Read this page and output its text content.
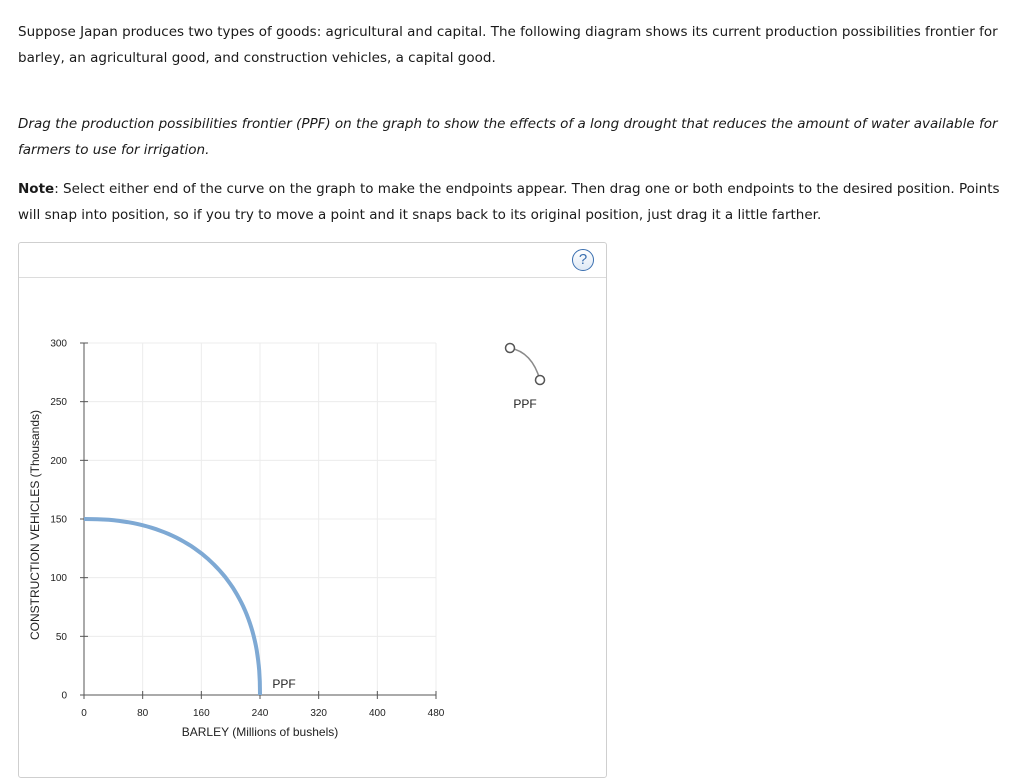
Suppose Japan produces two types of goods: agricultural and capital. The following diagram shows its current production possibilities frontier for barley, an agricultural good, and construction vehicles, a capital good.

Drag the production possibilities frontier (PPF) on the graph to show the effects of a long drought that reduces the amount of water available for farmers to use for irrigation.

Note: Select either end of the curve on the graph to make the endpoints appear. Then drag one or both endpoints to the desired position. Points will snap into position, so if you try to move a point and it snaps back to its original position, just drag it a little farther.

?
0	80	160	240	320	400	480
0
50
100
150
200
250
300
PPF
BARLEY (Millions of bushels)
CONSTRUCTION VEHICLES (Thousands)
PPF
